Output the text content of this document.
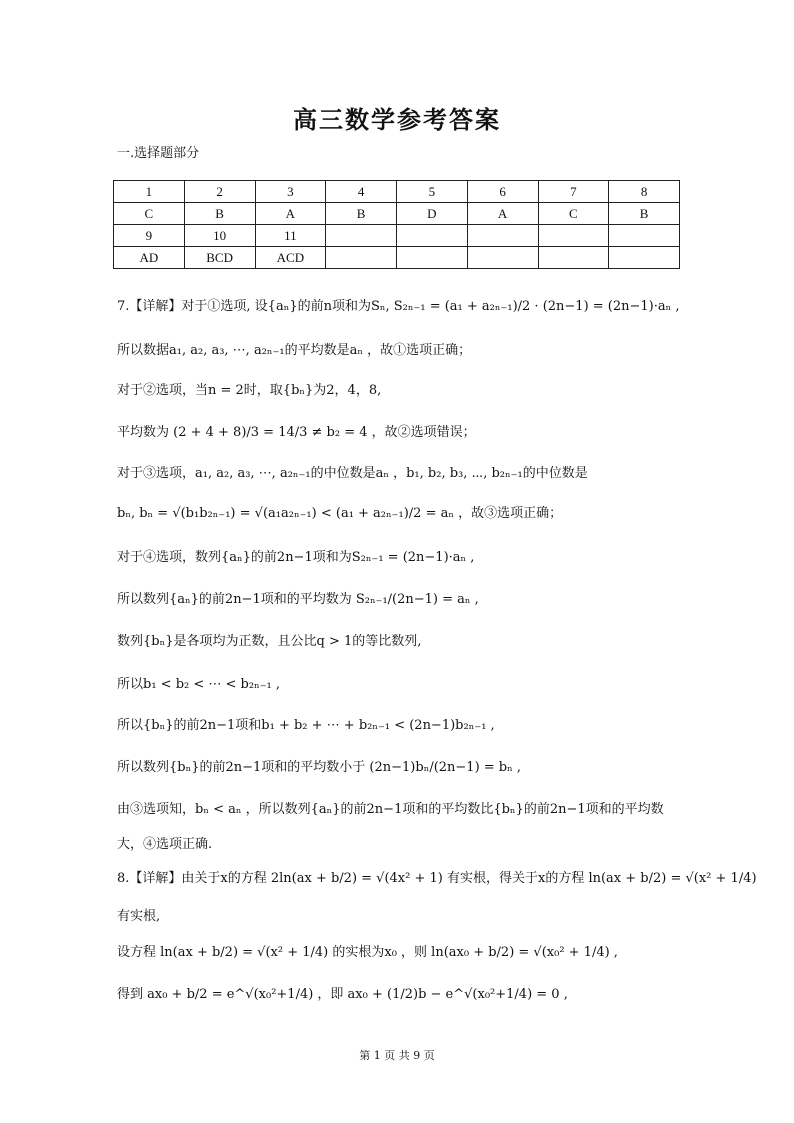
高三数学参考答案
一.选择题部分
1	2	3	4	5	6	7	8
C	B	A	B	D	A	C	B
9	10	11					
AD	BCD	ACD					
7.【详解】对于①选项, 设{aₙ}的前n项和为Sₙ, S₂ₙ₋₁ = (a₁ + a₂ₙ₋₁)/2 · (2n−1) = (2n−1)·aₙ ,
所以数据a₁, a₂, a₃, ⋯, a₂ₙ₋₁的平均数是aₙ ，故①选项正确；
对于②选项，当n = 2时，取{bₙ}为2，4，8,
平均数为 (2 + 4 + 8)/3 = 14/3 ≠ b₂ = 4 ，故②选项错误；
对于③选项，a₁, a₂, a₃, ⋯, a₂ₙ₋₁的中位数是aₙ ，b₁, b₂, b₃, ⋯, b₂ₙ₋₁的中位数是
bₙ, bₙ = √(b₁b₂ₙ₋₁) = √(a₁a₂ₙ₋₁) < (a₁ + a₂ₙ₋₁)/2 = aₙ ，故③选项正确；
对于④选项，数列{aₙ}的前2n−1项和为S₂ₙ₋₁ = (2n−1)·aₙ ,
所以数列{aₙ}的前2n−1项和的平均数为 S₂ₙ₋₁/(2n−1) = aₙ ,
数列{bₙ}是各项均为正数，且公比q > 1的等比数列,
所以b₁ < b₂ < ⋯ < b₂ₙ₋₁ ,
所以{bₙ}的前2n−1项和b₁ + b₂ + ⋯ + b₂ₙ₋₁ < (2n−1)b₂ₙ₋₁ ,
所以数列{bₙ}的前2n−1项和的平均数小于 (2n−1)bₙ/(2n−1) = bₙ ,
由③选项知，bₙ < aₙ ，所以数列{aₙ}的前2n−1项和的平均数比{bₙ}的前2n−1项和的平均数
大，④选项正确.
8.【详解】由关于x的方程 2ln(ax + b/2) = √(4x² + 1) 有实根，得关于x的方程 ln(ax + b/2) = √(x² + 1/4)
有实根,
设方程 ln(ax + b/2) = √(x² + 1/4) 的实根为x₀ ，则 ln(ax₀ + b/2) = √(x₀² + 1/4) ,
得到 ax₀ + b/2 = e^√(x₀²+1/4) ，即 ax₀ + (1/2)b − e^√(x₀²+1/4) = 0 ,
第 1 页 共 9 页
